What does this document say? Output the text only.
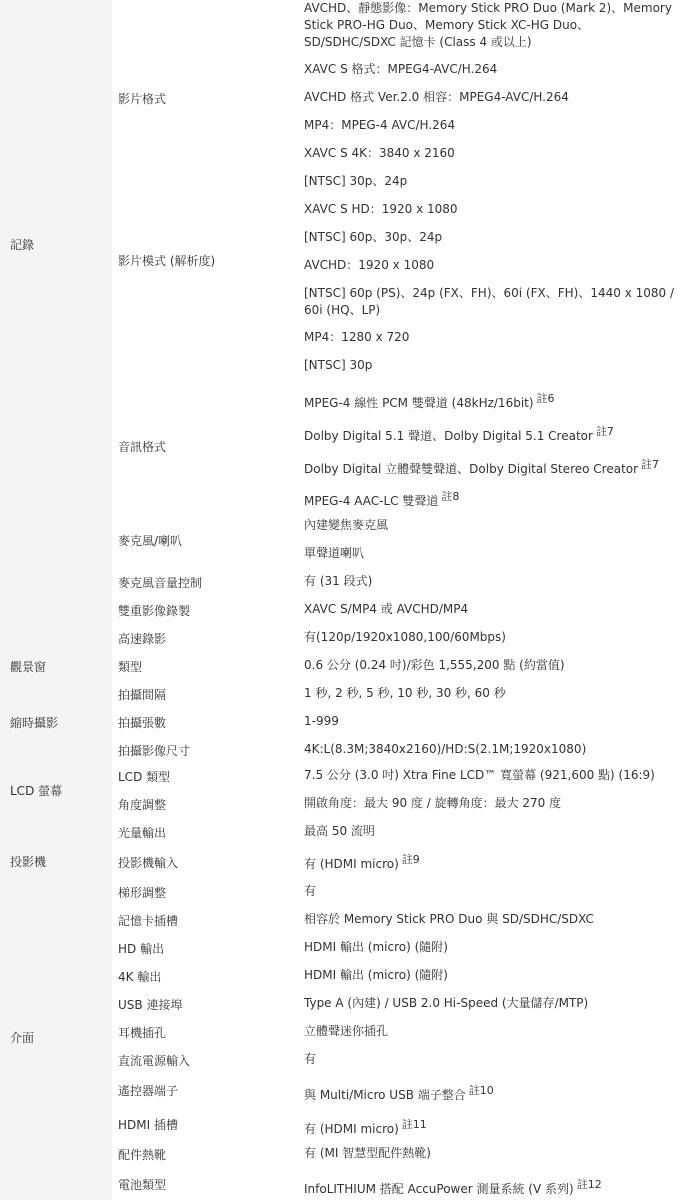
記錄
觀景窗
縮時攝影
LCD 螢幕
投影機
介面
影片格式
影片模式 (解析度)
音訊格式
麥克風/喇叭
麥克風音量控制
雙重影像錄製
高速錄影
類型
拍攝間隔
拍攝張數
拍攝影像尺寸
LCD 類型
角度調整
光量輸出
投影機輸入
梯形調整
記憶卡插槽
HD 輸出
4K 輸出
USB 連接埠
耳機插孔
直流電源輸入
遙控器端子
HDMI 插槽
配件熱靴
電池類型
AVCHD、靜態影像：Memory Stick PRO Duo (Mark 2)、Memory Stick PRO-HG Duo、Memory Stick XC-HG Duo、SD/SDHC/SDXC 記憶卡 (Class 4 或以上)
XAVC S 格式：MPEG4-AVC/H.264
AVCHD 格式 Ver.2.0 相容：MPEG4-AVC/H.264
MP4：MPEG-4 AVC/H.264
XAVC S 4K：3840 x 2160
[NTSC] 30p、24p
XAVC S HD：1920 x 1080
[NTSC] 60p、30p、24p
AVCHD：1920 x 1080
[NTSC] 60p (PS)、24p (FX、FH)、60i (FX、FH)、1440 x 1080 / 60i (HQ、LP)
MP4：1280 x 720
[NTSC] 30p
MPEG-4 線性 PCM 雙聲道 (48kHz/16bit) $^{註6}$
Dolby Digital 5.1 聲道、Dolby Digital 5.1 Creator $^{註7}$
Dolby Digital 立體聲雙聲道、Dolby Digital Stereo Creator $^{註7}$
MPEG-4 AAC-LC 雙聲道 $^{註8}$
內建變焦麥克風
單聲道喇叭
有 (31 段式)
XAVC S/MP4 或 AVCHD/MP4
有(120p/1920x1080,100/60Mbps)
0.6 公分 (0.24 吋)/彩色 1,555,200 點 (約當值)
1 秒, 2 秒, 5 秒, 10 秒, 30 秒, 60 秒
1-999
4K:L(8.3M;3840x2160)/HD:S(2.1M;1920x1080)
7.5 公分 (3.0 吋) Xtra Fine LCD™ 寬螢幕 (921,600 點) (16:9)
開啟角度：最大 90 度 / 旋轉角度：最大 270 度
最高 50 流明
有 (HDMI micro) $^{註9}$
有
相容於 Memory Stick PRO Duo 與 SD/SDHC/SDXC
HDMI 輸出 (micro) (隨附)
HDMI 輸出 (micro) (隨附)
Type A (內建) / USB 2.0 Hi-Speed (大量儲存/MTP)
立體聲迷你插孔
有
與 Multi/Micro USB 端子整合 $^{註10}$
有 (HDMI micro) $^{註11}$
有 (MI 智慧型配件熱靴)
InfoLITHIUM 搭配 AccuPower 測量系統 (V 系列) $^{註12}$
